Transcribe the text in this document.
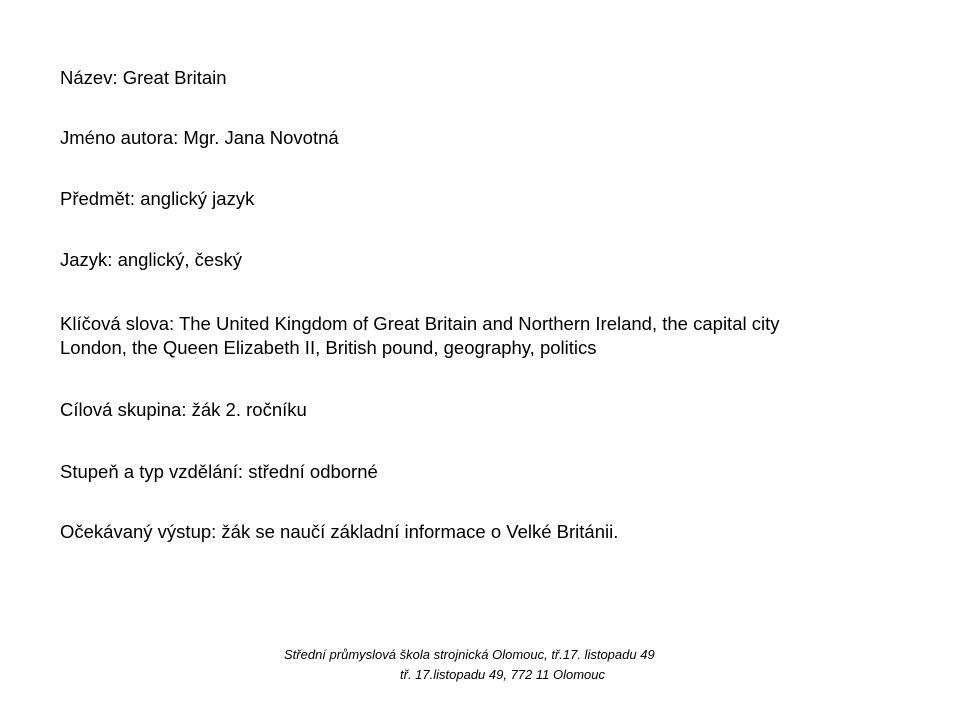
Název: Great Britain
Jméno autora: Mgr. Jana Novotná
Předmět: anglický jazyk
Jazyk: anglický, český
Klíčová slova: The United Kingdom of Great Britain and Northern Ireland, the capital city
London, the Queen Elizabeth II, British pound, geography, politics
Cílová skupina: žák 2. ročníku
Stupeň a typ vzdělání: střední odborné
Očekávaný výstup: žák se naučí základní informace o Velké Británii.
Střední průmyslová škola strojnická Olomouc, tř.17. listopadu 49
tř. 17.listopadu 49, 772 11 Olomouc
